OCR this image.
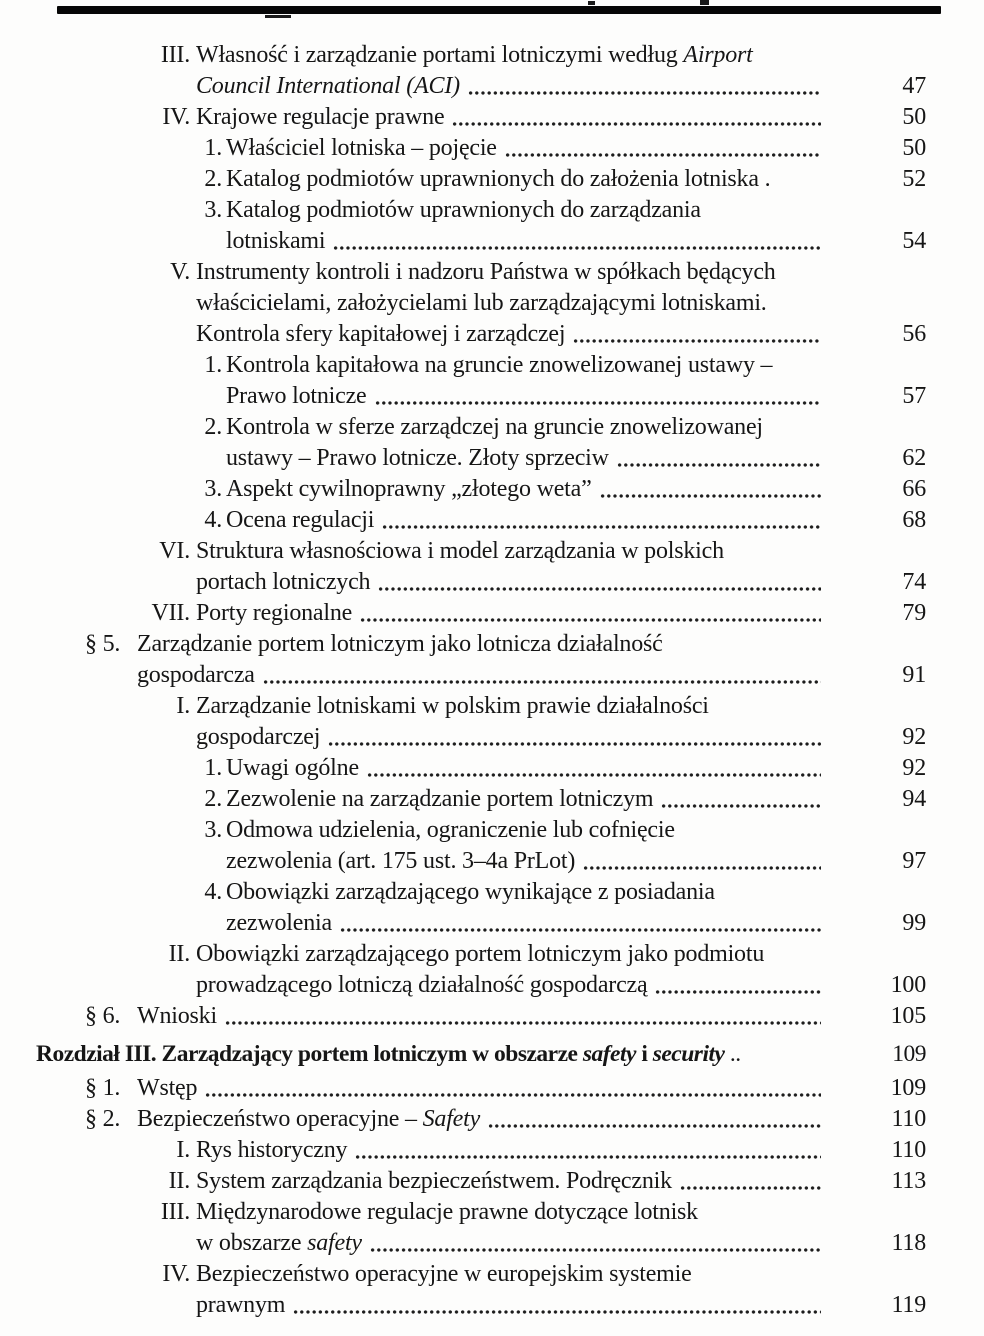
III. Własność i zarządzanie portami lotniczymi według Airport
Council International (ACI)	47
IV. Krajowe regulacje prawne	50
1. Właściciel lotniska – pojęcie	50
2. Katalog podmiotów uprawnionych do założenia lotniska .	52
3. Katalog podmiotów uprawnionych do zarządzania
lotniskami	54
V. Instrumenty kontroli i nadzoru Państwa w spółkach będących
właścicielami, założycielami lub zarządzającymi lotniskami.
Kontrola sfery kapitałowej i zarządczej	56
1. Kontrola kapitałowa na gruncie znowelizowanej ustawy –
Prawo lotnicze	57
2. Kontrola w sferze zarządczej na gruncie znowelizowanej
ustawy – Prawo lotnicze. Złoty sprzeciw	62
3. Aspekt cywilnoprawny „złotego weta”	66
4. Ocena regulacji	68
VI. Struktura własnościowa i model zarządzania w polskich
portach lotniczych	74
VII. Porty regionalne	79
§ 5. Zarządzanie portem lotniczym jako lotnicza działalność
gospodarcza	91
I. Zarządzanie lotniskami w polskim prawie działalności
gospodarczej	92
1. Uwagi ogólne	92
2. Zezwolenie na zarządzanie portem lotniczym	94
3. Odmowa udzielenia, ograniczenie lub cofnięcie
zezwolenia (art. 175 ust. 3–4a PrLot)	97
4. Obowiązki zarządzającego wynikające z posiadania
zezwolenia	99
II. Obowiązki zarządzającego portem lotniczym jako podmiotu
prowadzącego lotniczą działalność gospodarczą	100
§ 6. Wnioski	105
Rozdział III. Zarządzający portem lotniczym w obszarze safety i security ..	109
§ 1. Wstęp	109
§ 2. Bezpieczeństwo operacyjne – Safety	110
I. Rys historyczny	110
II. System zarządzania bezpieczeństwem. Podręcznik	113
III. Międzynarodowe regulacje prawne dotyczące lotnisk
w obszarze safety	118
IV. Bezpieczeństwo operacyjne w europejskim systemie
prawnym	119
